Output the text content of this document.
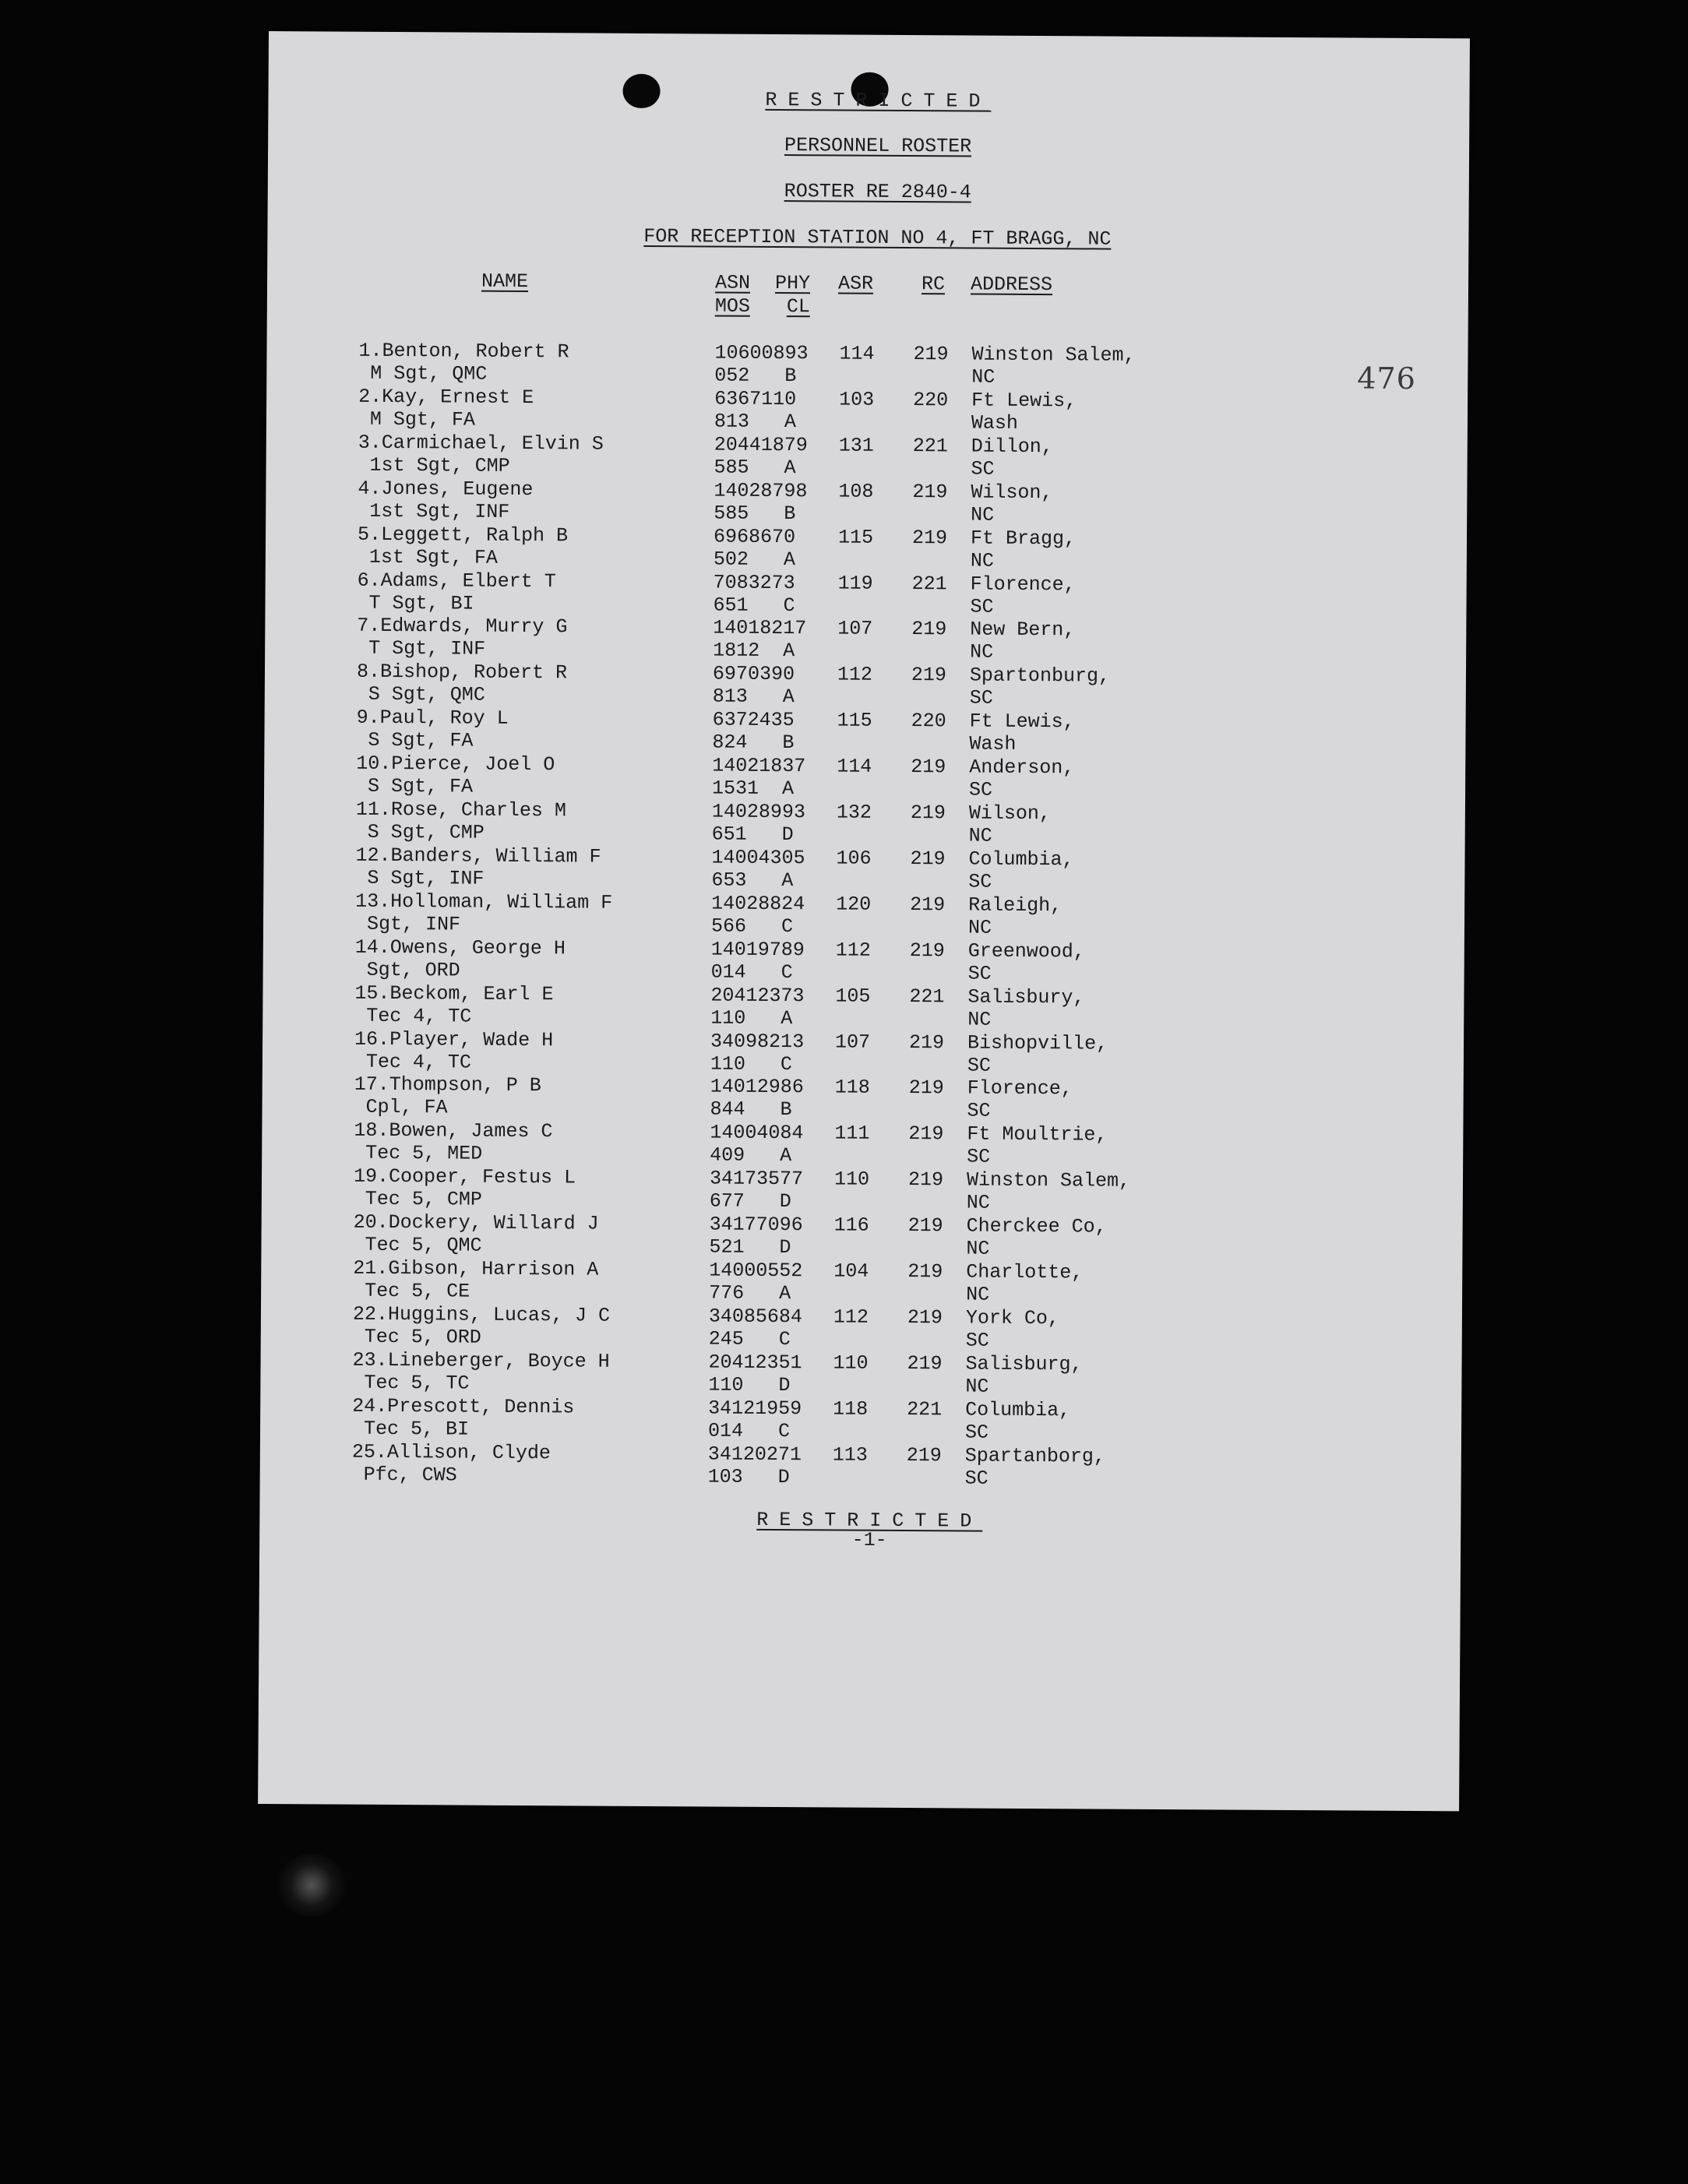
476
RESTRICTED
PERSONNEL ROSTER
ROSTER RE 2840-4
FOR RECEPTION STATION NO 4, FT BRAGG, NC
NAME	ASN
MOS
PHY
CL
ASR RC ADDRESS
1.Benton, Robert R
M Sgt, QMC
10600893
052 B
114 219 Winston Salem,
NC
2.Kay, Ernest E
M Sgt, FA
6367110
813 A
103 220 Ft Lewis,
Wash
3.Carmichael, Elvin S
1st Sgt, CMP
20441879
585 A
131 221 Dillon,
SC
4.Jones, Eugene
1st Sgt, INF
14028798
585 B
108 219 Wilson,
NC
5.Leggett, Ralph B
1st Sgt, FA
6968670
502 A
115 219 Ft Bragg,
NC
6.Adams, Elbert T
T Sgt, BI
7083273
651 C
119 221 Florence,
SC
7.Edwards, Murry G
T Sgt, INF
14018217
1812 A
107 219 New Bern,
NC
8.Bishop, Robert R
S Sgt, QMC
6970390
813 A
112 219 Spartonburg,
SC
9.Paul, Roy L
S Sgt, FA
6372435
824 B
115 220 Ft Lewis,
Wash
10.Pierce, Joel O
S Sgt, FA
14021837
1531 A
114 219 Anderson,
SC
11.Rose, Charles M
S Sgt, CMP
14028993
651 D
132 219 Wilson,
NC
12.Banders, William F
S Sgt, INF
14004305
653 A
106 219 Columbia,
SC
13.Holloman, William F
Sgt, INF
14028824
566 C
120 219 Raleigh,
NC
14.Owens, George H
Sgt, ORD
14019789
014 C
112 219 Greenwood,
SC
15.Beckom, Earl E
Tec 4, TC
20412373
110 A
105 221 Salisbury,
NC
16.Player, Wade H
Tec 4, TC
34098213
110 C
107 219 Bishopville,
SC
17.Thompson, P B
Cpl, FA
14012986
844 B
118 219 Florence,
SC
18.Bowen, James C
Tec 5, MED
14004084
409 A
111 219 Ft Moultrie,
SC
19.Cooper, Festus L
Tec 5, CMP
34173577
677 D
110 219 Winston Salem,
NC
20.Dockery, Willard J
Tec 5, QMC
34177096
521 D
116 219 Cherckee Co,
NC
21.Gibson, Harrison A
Tec 5, CE
14000552
776 A
104 219 Charlotte,
NC
22.Huggins, Lucas, J C
Tec 5, ORD
34085684
245 C
112 219 York Co,
SC
23.Lineberger, Boyce H
Tec 5, TC
20412351
110 D
110 219 Salisburg,
NC
24.Prescott, Dennis
Tec 5, BI
34121959
014 C
118 221 Columbia,
SC
25.Allison, Clyde
Pfc, CWS
34120271
103 D
113 219 Spartanborg,
SC
RESTRICTED
-1-
